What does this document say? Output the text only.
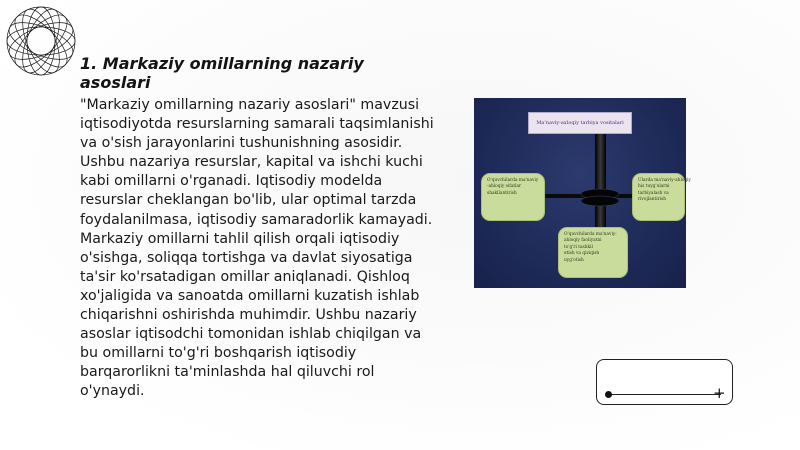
1. Markaziy omillarning nazariy asoslari

"Markaziy omillarning nazariy asoslari" mavzusi iqtisodiyotda resurslarning samarali taqsimlanishi va o'sish jarayonlarini tushunishning asosidir. Ushbu nazariya resurslar, kapital va ishchi kuchi kabi omillarni o'rganadi. Iqtisodiy modelda resurslar cheklangan bo'lib, ular optimal tarzda foydalanilmasa, iqtisodiy samaradorlik kamayadi. Markaziy omillarni tahlil qilish orqali iqtisodiy o'sishga, soliqqa tortishga va davlat siyosatiga ta'sir ko'rsatadigan omillar aniqlanadi. Qishloq xo'jaligida va sanoatda omillarni kuzatish ishlab chiqarishni oshirishda muhimdir. Ushbu nazariy asoslar iqtisodchi tomonidan ishlab chiqilgan va bu omillarni to'g'ri boshqarish iqtisodiy barqarorlikni ta'minlashda hal qiluvchi rol o'ynaydi.

Ma'naviy-axloqiy tarbiya vositalari
O'quvchilarda ma'naviy
-ahloqiy sifatlar
shakllantirish
Ularda ma'naviy-ahloqiy
his tuyg'ularni
tarbiyalash va
rivojlantirish
O'quvchilarda ma'naviy-
ahloqiy faoliyatni
to'g'ri tashkil
etish va qiziqish
uyg'otish
+
